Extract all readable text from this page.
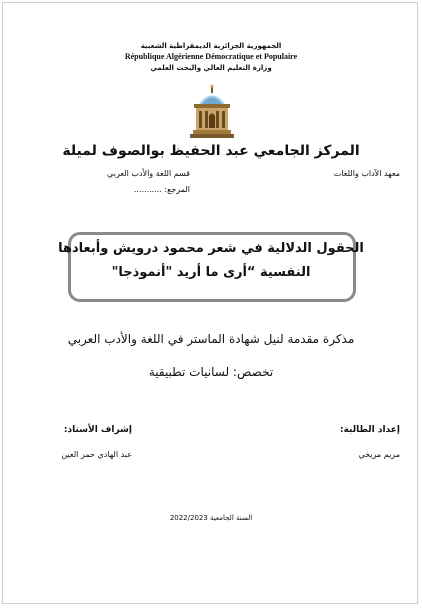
الجمهورية الجزائرية الديمقراطية الشعبية
République Algérienne Démocratique et Populaire
وزارة التعليم العالي والبحث العلمي
المركز الجامعي عبد الحفيظ بوالصوف لميلة
معهد الآداب واللغات
قسم اللغة والأدب العربي
المرجع: ...........
الحقول الدلالية في شعر محمود درويش وأبعادها
النفسية “أرى ما أريد "أنموذجا"
مذكرة مقدمة لنيل شهادة الماستر في اللغة والأدب العربي
تخصص: لسانيات تطبيقية
إعداد الطالبة:
إشراف الأستاذ:
مريم مريخي
عبد الهادي حمر العين
السنة الجامعية 2022/2023
